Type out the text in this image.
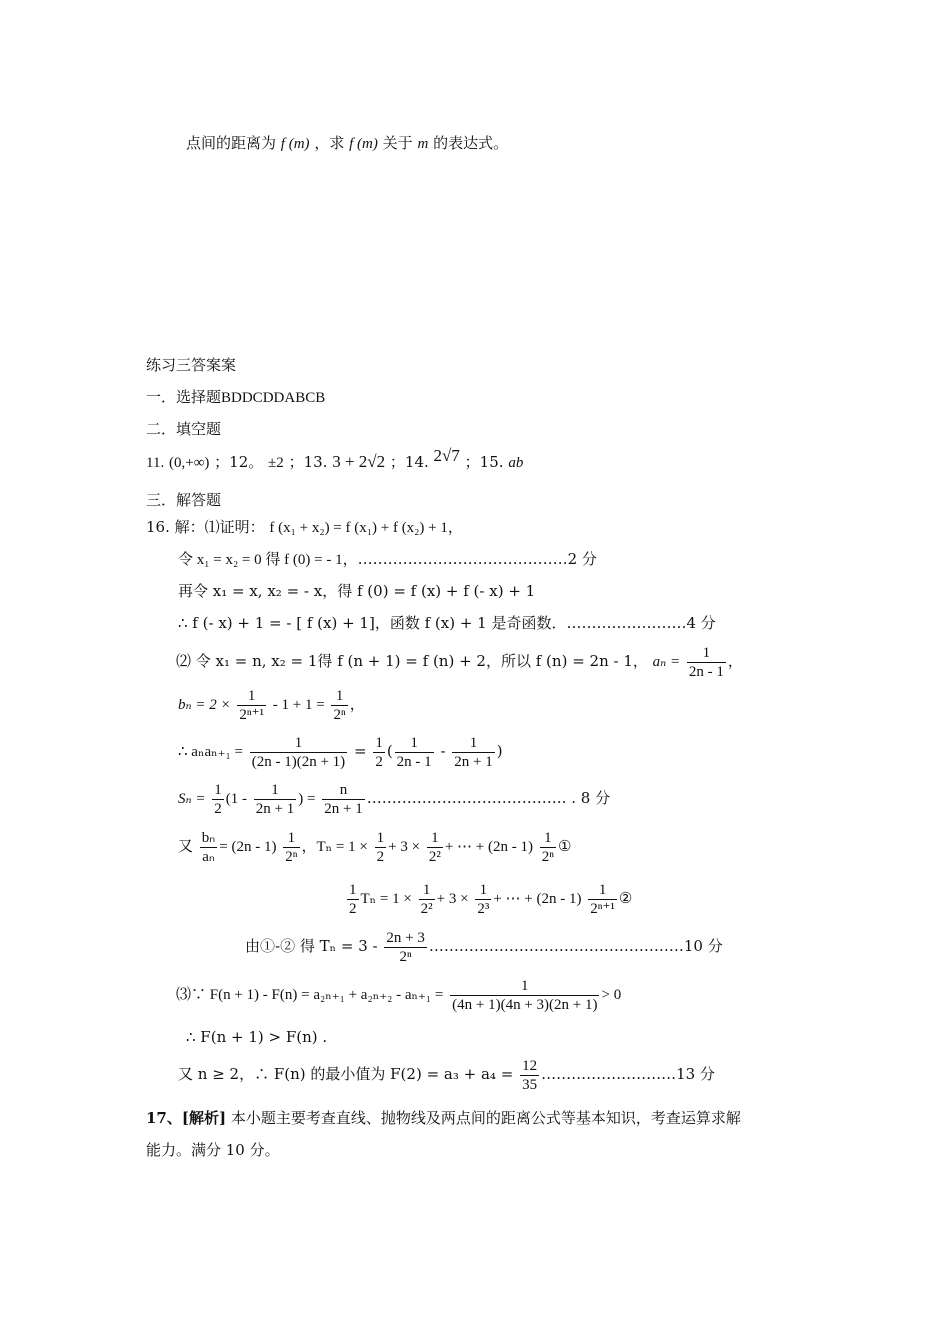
点间的距离为 f (m) ，求 f (m) 关于 m 的表达式。
练习三答案案
一．选择题BDDCDDABCB
二．填空题
11. (0,+∞) ；12。 ±2 ；13. 3 + 2√2 ；14. 2√7 ；15. ab
三．解答题
16. 解：⑴证明： f (x₁ + x₂) = f (x₁) + f (x₂) + 1，
令 x₁ = x₂ = 0 得 f (0) = - 1，……………………………………2 分
再令 x₁ = x, x₂ = - x，得 f (0) = f (x) + f (- x) + 1
∴ f (- x) + 1 = - [ f (x) + 1]，函数 f (x) + 1 是奇函数．……………………4 分
⑵ 令 x₁ = n, x₂ = 1得 f (n + 1) = f (n) + 2，所以 f (n) = 2n - 1， $a_n = \frac{1}{2n - 1}$ ，
$b_n = 2 \times \frac{1}{\text{2ⁿ⁺¹}} - 1 + 1 = \frac{1}{\text{2ⁿ}}$ ，
∴ $a_na_{n+1} = \frac{1}{(2n - 1)(2n + 1)} = \frac{1}{2}$ ( $\frac{1}{2n - 1} - \frac{1}{2n + 1}$ )
$S_n = \frac{1}{2} (1 - \frac{1}{2n + 1}$ ) = $\frac{n}{2n + 1}$ …………………………………. . 8 分
又 $\frac{\text{bₙ}}{\text{aₙ}} = (2n - 1) \frac{1}{\text{2ⁿ}}$ ，$T_n = 1 \times \frac{1}{2} + 3 \times \frac{1}{\text{2²}}$ + ⋯ + $(2n - 1) \frac{1}{\text{2ⁿ}}$ ①
$\frac{1}{2}$ $T_n = 1 \times \frac{1}{\text{2²}} + 3 \times \frac{1}{\text{2³}}$ + ⋯ + $(2n - 1) \frac{1}{\text{2ⁿ⁺¹}}$ ②
由①-② 得 $T_n = 3 - \frac{2n + 3}{\text{2ⁿ}}$ ……………………………………………10 分
⑶∵ $F(n + 1) - F(n) = a_{2n+1} + a_{2n+2} - a_{n+1} = \frac{1}{(4n + 1)(4n + 3)(2n + 1)} > 0$
∴ F(n + 1) > F(n) .
又 n ≥ 2，∴ F(n) 的最小值为 $F(2) = a_3 + a_4 = \frac{12}{35}$ ………………………13 分
17、[解析] 本小题主要考查直线、抛物线及两点间的距离公式等基本知识，考查运算求解
能力。满分 10 分。
